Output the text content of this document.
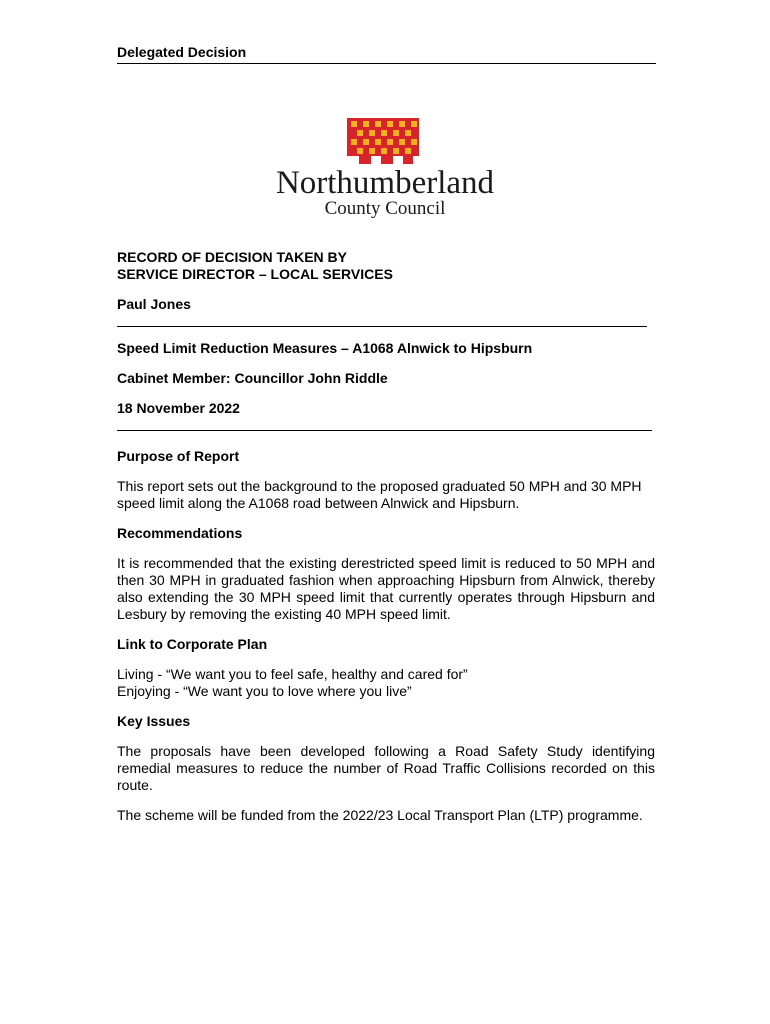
Delegated Decision
Northumberland
County Council
RECORD OF DECISION TAKEN BY
SERVICE DIRECTOR – LOCAL SERVICES
Paul Jones
Speed Limit Reduction Measures – A1068 Alnwick to Hipsburn
Cabinet Member: Councillor John Riddle
18 November 2022
Purpose of Report

This report sets out the background to the proposed graduated 50 MPH and 30 MPH speed limit along the A1068 road between Alnwick and Hipsburn.

Recommendations

It is recommended that the existing derestricted speed limit is reduced to 50 MPH and then 30 MPH in graduated fashion when approaching Hipsburn from Alnwick, thereby also extending the 30 MPH speed limit that currently operates through Hipsburn and Lesbury by removing the existing 40 MPH speed limit.

Link to Corporate Plan
Living - “We want you to feel safe, healthy and cared for”
Enjoying - “We want you to love where you live”
Key Issues

The proposals have been developed following a Road Safety Study identifying remedial measures to reduce the number of Road Traffic Collisions recorded on this route.

The scheme will be funded from the 2022/23 Local Transport Plan (LTP) programme.
